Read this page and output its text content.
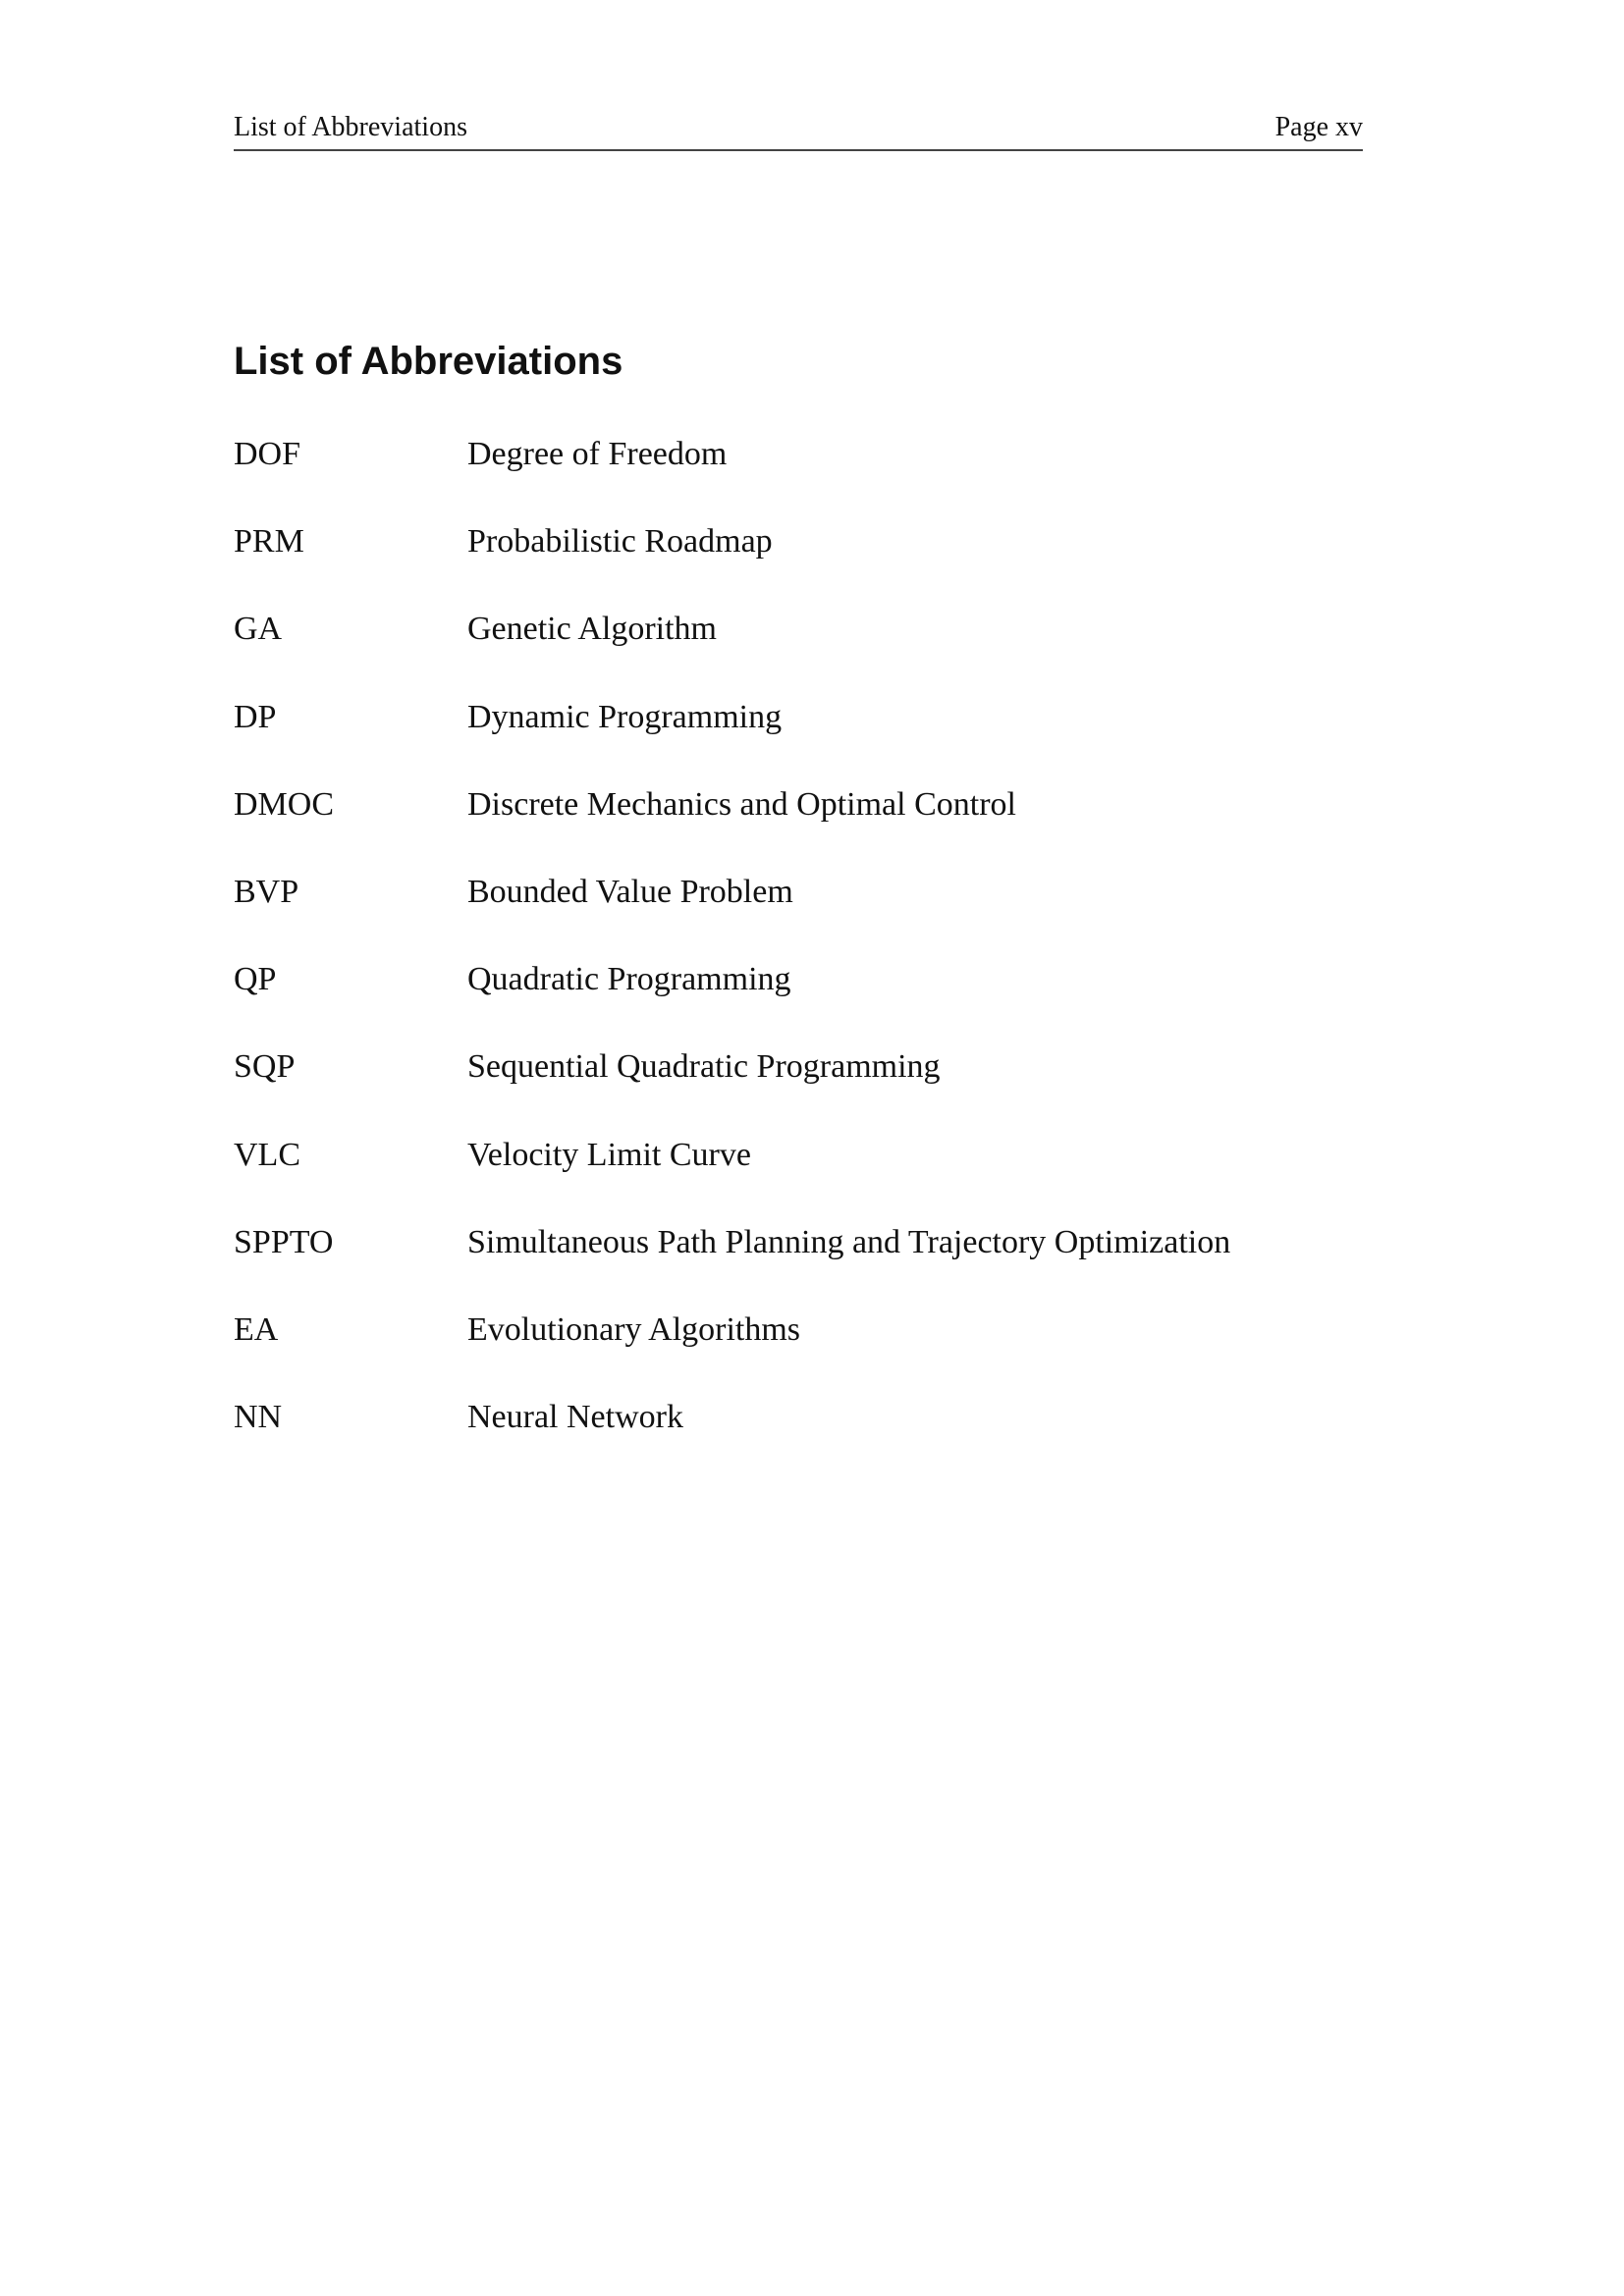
List of Abbreviations	Page xv
List of Abbreviations
DOF	Degree of Freedom
PRM	Probabilistic Roadmap
GA	Genetic Algorithm
DP	Dynamic Programming
DMOC	Discrete Mechanics and Optimal Control
BVP	Bounded Value Problem
QP	Quadratic Programming
SQP	Sequential Quadratic Programming
VLC	Velocity Limit Curve
SPPTO	Simultaneous Path Planning and Trajectory Optimization
EA	Evolutionary Algorithms
NN	Neural Network
